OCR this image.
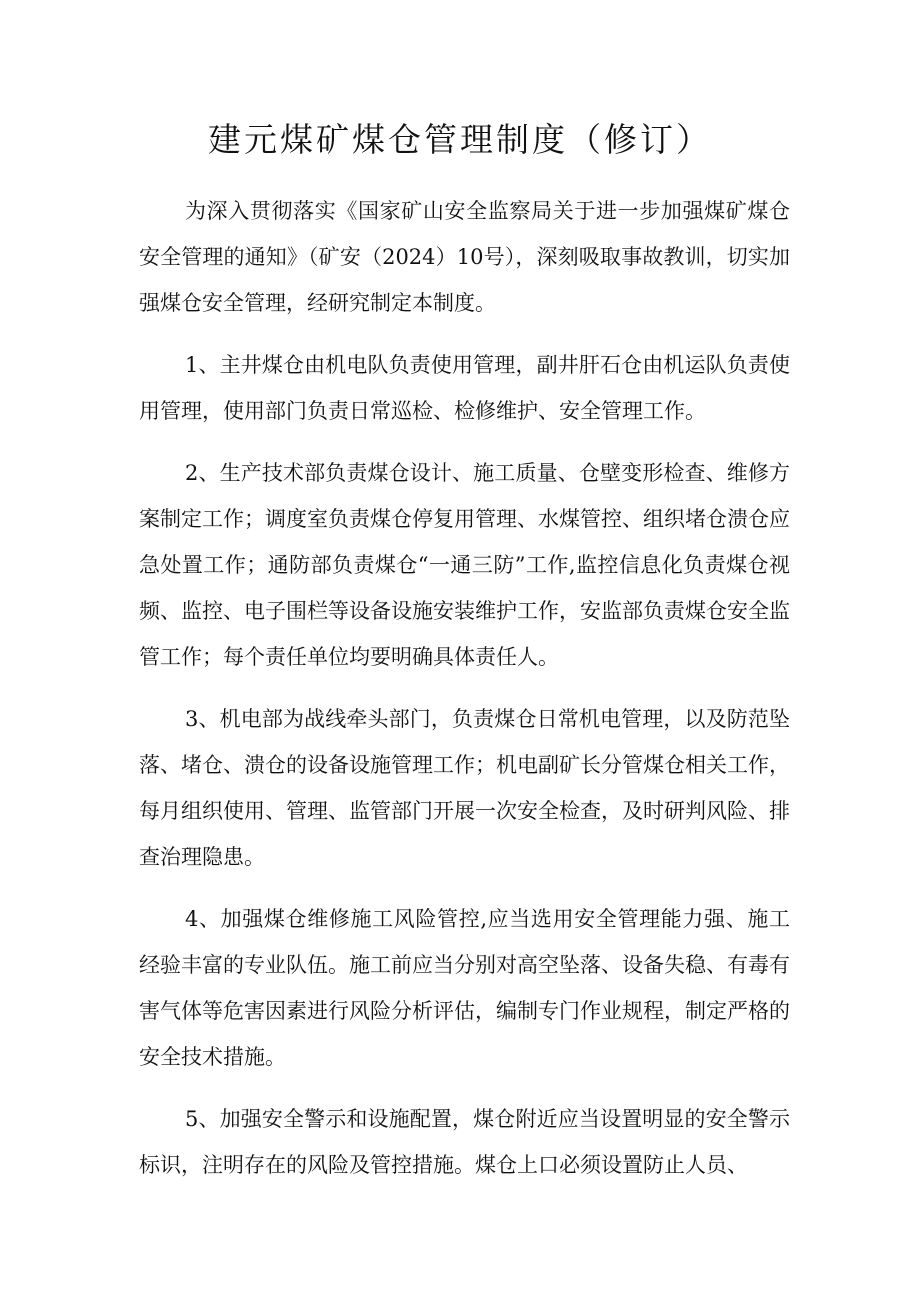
建元煤矿煤仓管理制度（修订）

为深入贯彻落实《国家矿山安全监察局关于进一步加强煤矿煤仓安全管理的通知》（矿安（2024）10号），深刻吸取事故教训，切实加强煤仓安全管理，经研究制定本制度。

1、主井煤仓由机电队负责使用管理，副井肝石仓由机运队负责使用管理，使用部门负责日常巡检、检修维护、安全管理工作。

2、生产技术部负责煤仓设计、施工质量、仓壁变形检查、维修方案制定工作；调度室负责煤仓停复用管理、水煤管控、组织堵仓溃仓应急处置工作；通防部负责煤仓“一通三防”工作,监控信息化负责煤仓视频、监控、电子围栏等设备设施安装维护工作，安监部负责煤仓安全监管工作；每个责任单位均要明确具体责任人。

3、机电部为战线牵头部门，负责煤仓日常机电管理，以及防范坠落、堵仓、溃仓的设备设施管理工作；机电副矿长分管煤仓相关工作，每月组织使用、管理、监管部门开展一次安全检查，及时研判风险、排查治理隐患。

4、加强煤仓维修施工风险管控,应当选用安全管理能力强、施工经验丰富的专业队伍。施工前应当分别对高空坠落、设备失稳、有毒有害气体等危害因素进行风险分析评估，编制专门作业规程，制定严格的安全技术措施。

5、加强安全警示和设施配置，煤仓附近应当设置明显的安全警示标识，注明存在的风险及管控措施。煤仓上口必须设置防止人员、
